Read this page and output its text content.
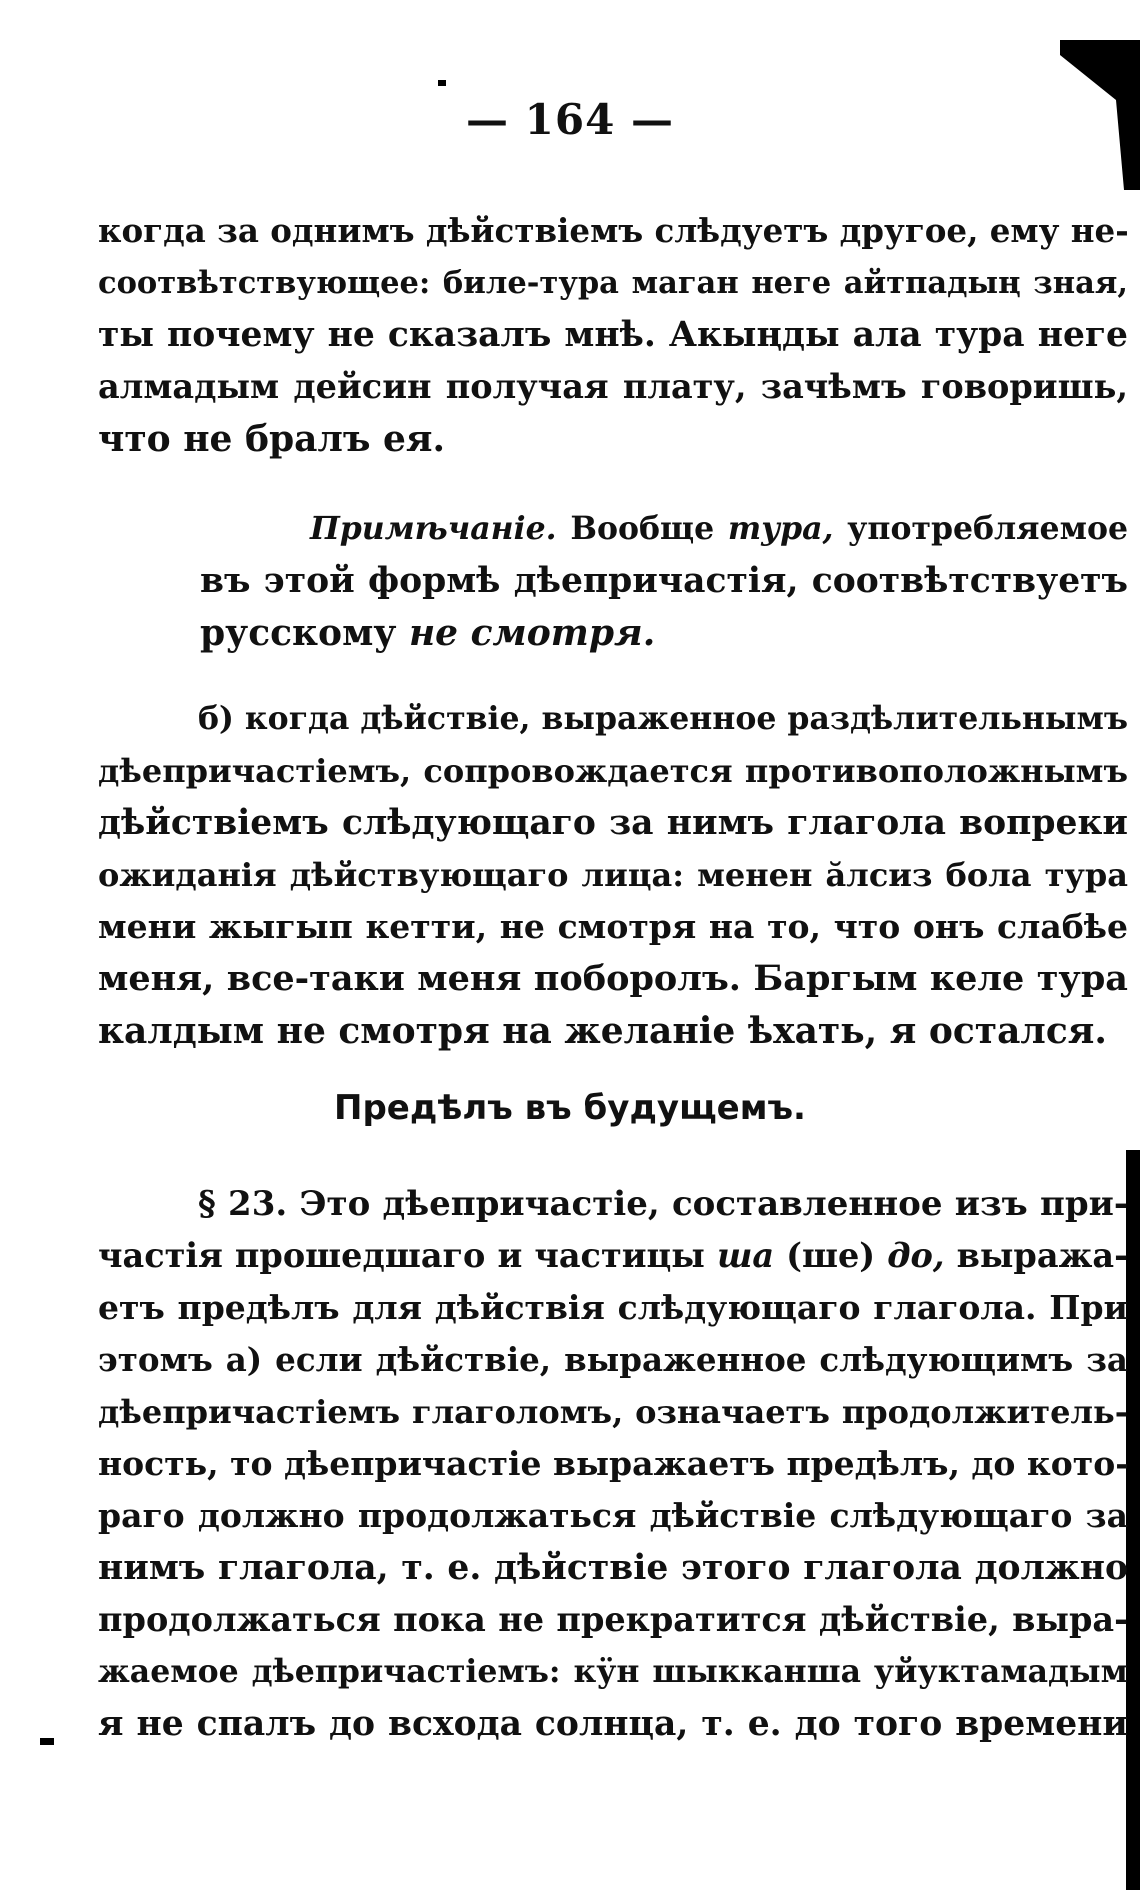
— 164 —
когда за однимъ дѣйствіемъ слѣдуетъ другое, ему не-
соотвѣтствующее: биле-тура маган неге айтпадың зная,
ты почему не сказалъ мнѣ. Акыңды ала тура неге
алмадым дейсин получая плату, зачѣмъ говоришь,
что не бралъ ея.
Примѣчаніе. Вообще тура, употребляемое
въ этой формѣ дѣепричастія, соотвѣтствуетъ
русскому не смотря.
б) когда дѣйствіе, выраженное раздѣлительнымъ
дѣепричастіемъ, сопровождается противоположнымъ
дѣйствіемъ слѣдующаго за нимъ глагола вопреки
ожиданія дѣйствующаго лица: менен ӑлсиз бола тура
мени жыгып кетти, не смотря на то, что онъ слабѣе
меня, все-таки меня поборолъ. Баргым келе тура
калдым не смотря на желаніе ѣхать, я остался.
Предѣлъ въ будущемъ.
§ 23. Это дѣепричастіе, составленное изъ при-
частія прошедшаго и частицы ша (ше) до, выража-
етъ предѣлъ для дѣйствія слѣдующаго глагола. При
этомъ а) если дѣйствіе, выраженное слѣдующимъ за
дѣепричастіемъ глаголомъ, означаетъ продолжитель-
ность, то дѣепричастіе выражаетъ предѣлъ, до кото-
раго должно продолжаться дѣйствіе слѣдующаго за
нимъ глагола, т. е. дѣйствіе этого глагола должно
продолжаться пока не прекратится дѣйствіе, выра-
жаемое дѣепричастіемъ: кӱн шыкканша уйуктамадым
я не спалъ до всхода солнца, т. е. до того времени
